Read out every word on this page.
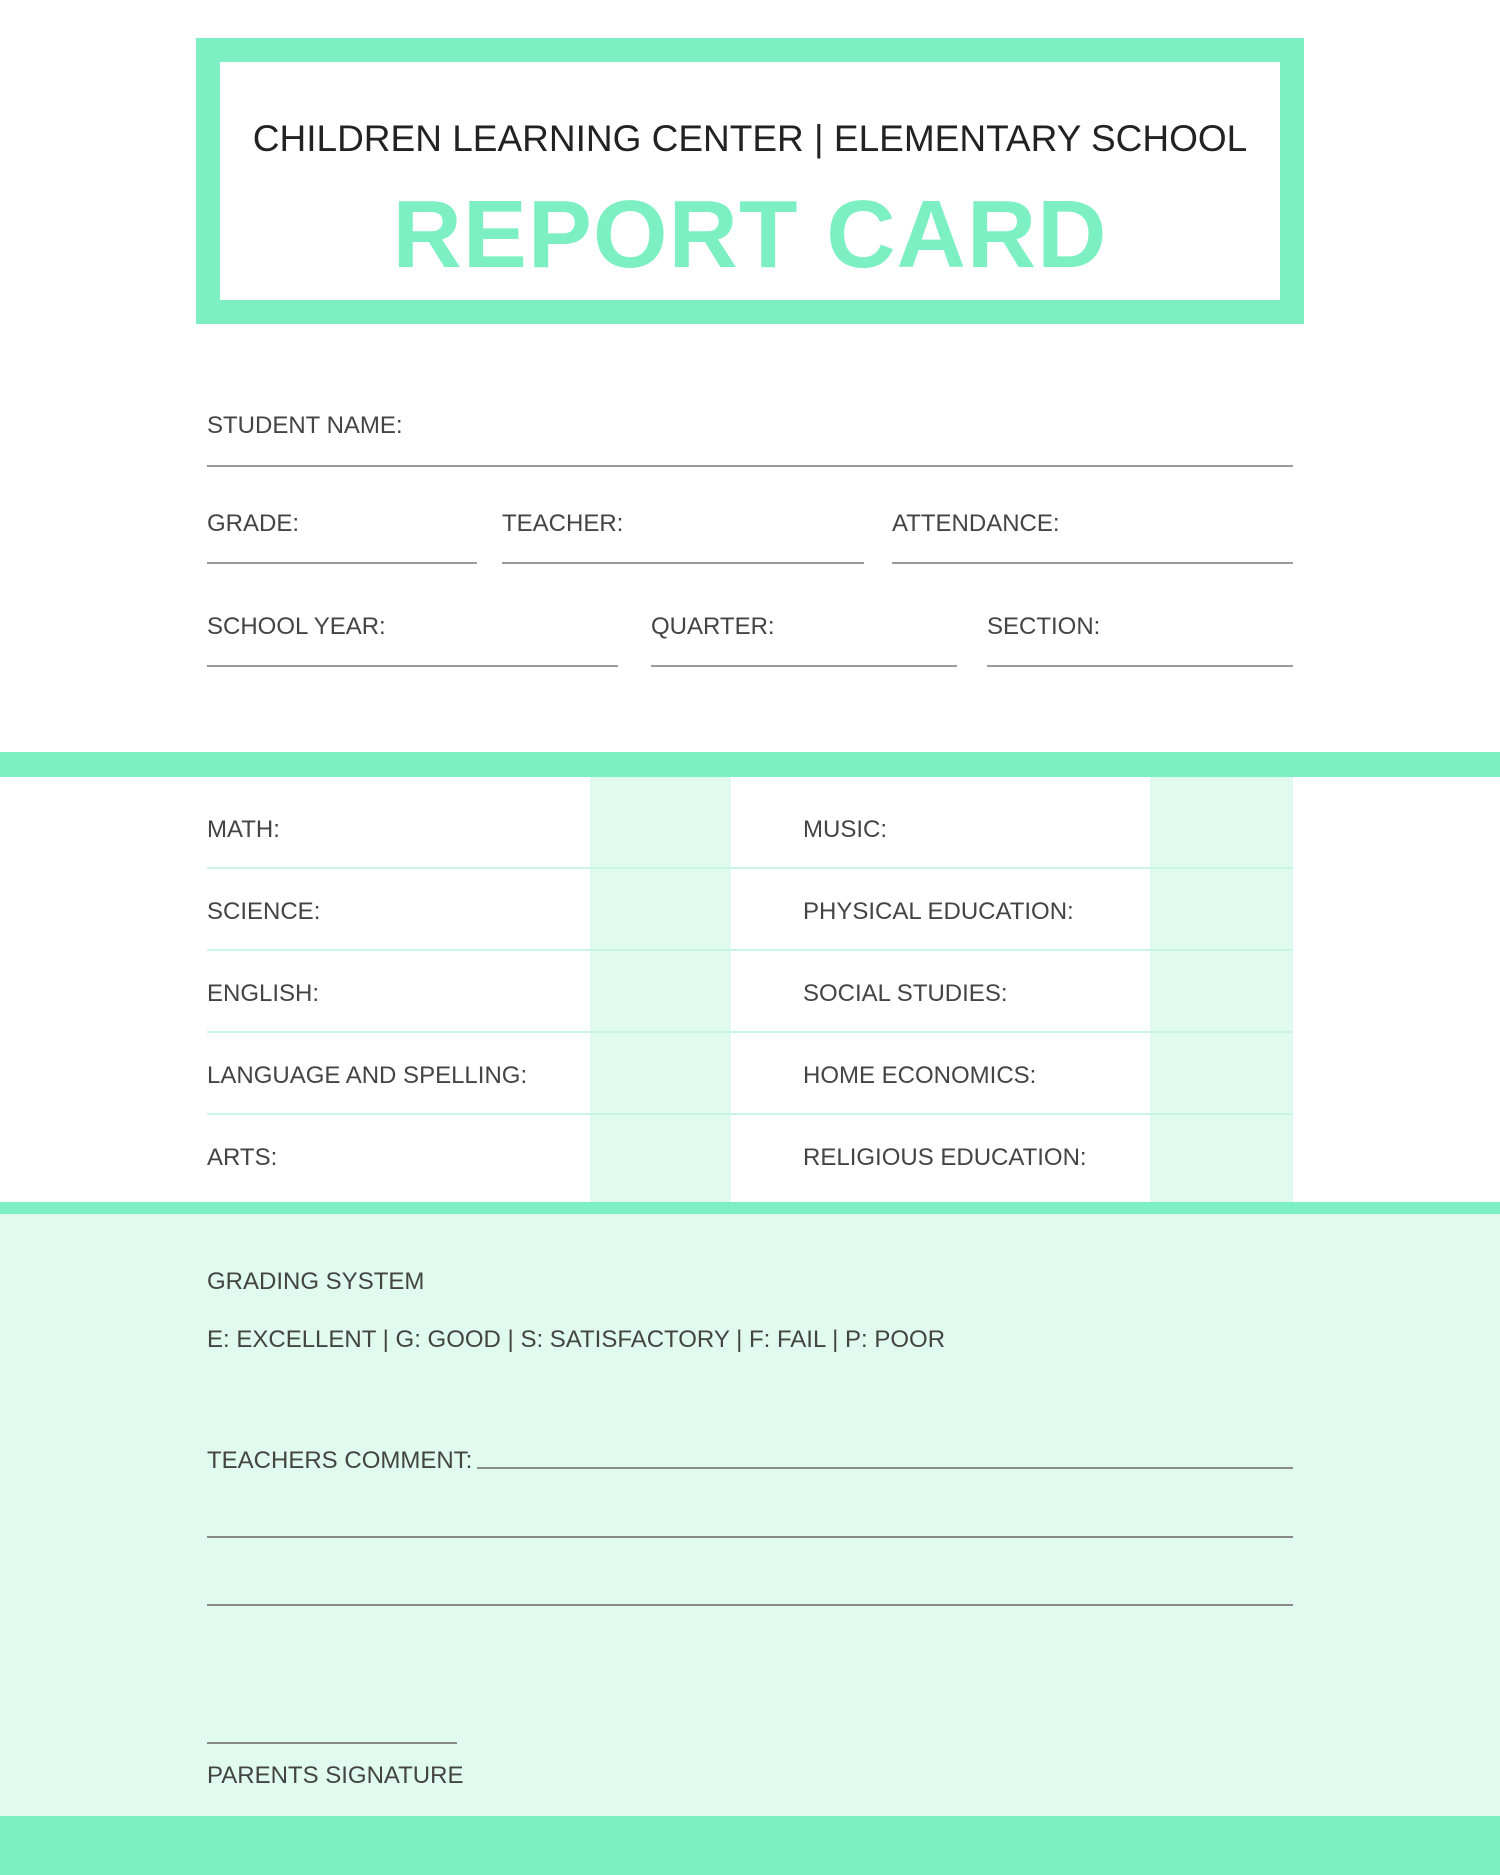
CHILDREN LEARNING CENTER | ELEMENTARY SCHOOL
REPORT CARD
STUDENT NAME:
GRADE:	TEACHER:	ATTENDANCE:
SCHOOL YEAR:	QUARTER:	SECTION:
MATH:
SCIENCE:
ENGLISH:
LANGUAGE AND SPELLING:
ARTS:
MUSIC:
PHYSICAL EDUCATION:
SOCIAL STUDIES:
HOME ECONOMICS:
RELIGIOUS EDUCATION:
GRADING SYSTEM
E: EXCELLENT | G: GOOD | S: SATISFACTORY | F: FAIL | P: POOR
TEACHERS COMMENT:
PARENTS SIGNATURE
